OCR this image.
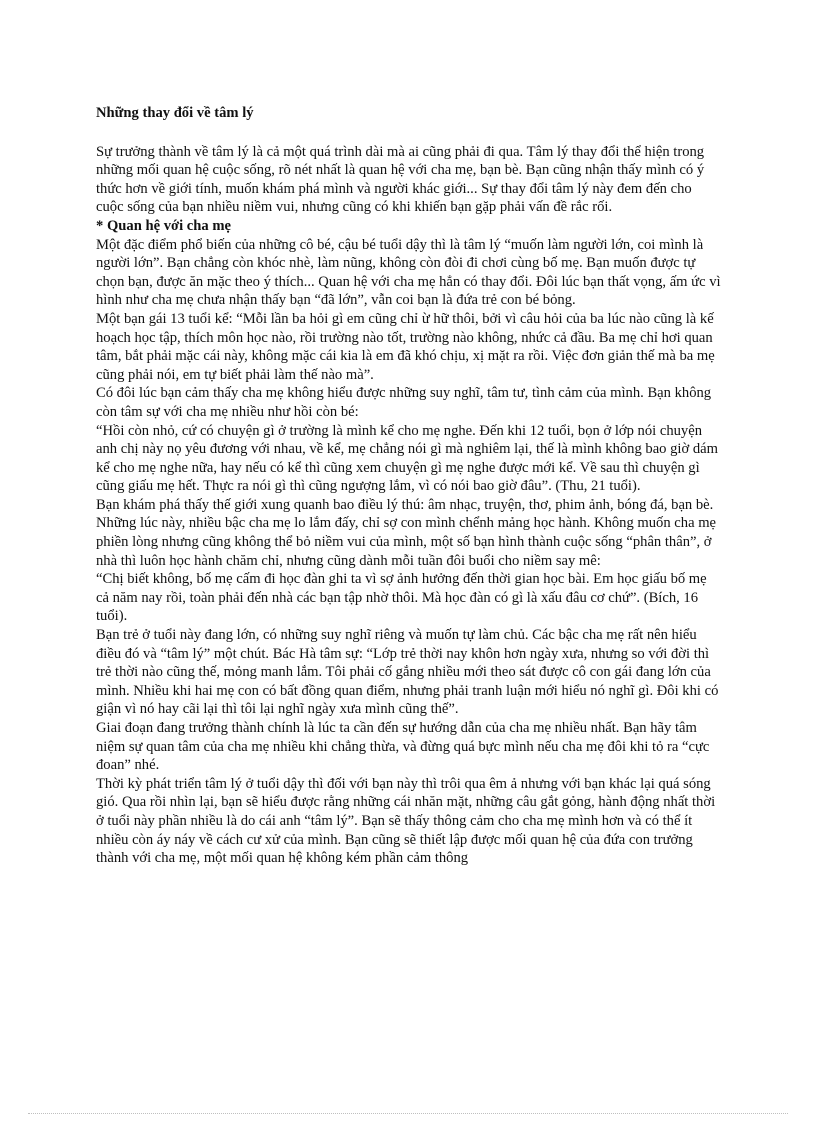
Những thay đổi về tâm lý

Sự trưởng thành về tâm lý là cả một quá trình dài mà ai cũng phải đi qua. Tâm lý thay đổi thể hiện trong những mối quan hệ cuộc sống, rõ nét nhất là quan hệ với cha mẹ, bạn bè. Bạn cũng nhận thấy mình có ý thức hơn về giới tính, muốn khám phá mình và người khác giới... Sự thay đổi tâm lý này đem đến cho cuộc sống của bạn nhiều niềm vui, nhưng cũng có khi khiến bạn gặp phải vấn đề rắc rối.

* Quan hệ với cha mẹ

Một đặc điểm phổ biến của những cô bé, cậu bé tuổi dậy thì là tâm lý “muốn làm người lớn, coi mình là người lớn”. Bạn chẳng còn khóc nhè, làm nũng, không còn đòi đi chơi cùng bố mẹ. Bạn muốn được tự chọn bạn, được ăn mặc theo ý thích... Quan hệ với cha mẹ hẳn có thay đổi. Đôi lúc bạn thất vọng, ấm ức vì hình như cha mẹ chưa nhận thấy bạn “đã lớn”, vẫn coi bạn là đứa trẻ con bé bỏng.

Một bạn gái 13 tuổi kể: “Mỗi lần ba hỏi gì em cũng chỉ ừ hữ thôi, bởi vì câu hỏi của ba lúc nào cũng là kế hoạch học tập, thích môn học nào, rồi trường nào tốt, trường nào không, nhức cả đầu. Ba mẹ chỉ hơi quan tâm, bắt phải mặc cái này, không mặc cái kia là em đã khó chịu, xị mặt ra rồi. Việc đơn giản thế mà ba mẹ cũng phải nói, em tự biết phải làm thế nào mà”.

Có đôi lúc bạn cảm thấy cha mẹ không hiểu được những suy nghĩ, tâm tư, tình cảm của mình. Bạn không còn tâm sự với cha mẹ nhiều như hồi còn bé:

“Hồi còn nhỏ, cứ có chuyện gì ở trường là mình kể cho mẹ nghe. Đến khi 12 tuổi, bọn ở lớp nói chuyện anh chị này nọ yêu đương với nhau, về kể, mẹ chẳng nói gì mà nghiêm lại, thế là mình không bao giờ dám kể cho mẹ nghe nữa, hay nếu có kể thì cũng xem chuyện gì mẹ nghe được mới kể. Về sau thì chuyện gì cũng giấu mẹ hết. Thực ra nói gì thì cũng ngượng lắm, vì có nói bao giờ đâu”. (Thu, 21 tuổi).

Bạn khám phá thấy thế giới xung quanh bao điều lý thú: âm nhạc, truyện, thơ, phim ảnh, bóng đá, bạn bè. Những lúc này, nhiều bậc cha mẹ lo lắm đấy, chỉ sợ con mình chểnh mảng học hành. Không muốn cha mẹ phiền lòng nhưng cũng không thể bỏ niềm vui của mình, một số bạn hình thành cuộc sống “phân thân”, ở nhà thì luôn học hành chăm chỉ, nhưng cũng dành mỗi tuần đôi buổi cho niềm say mê:

“Chị biết không, bố mẹ cấm đi học đàn ghi ta vì sợ ảnh hưởng đến thời gian học bài. Em học giấu bố mẹ cả năm nay rồi, toàn phải đến nhà các bạn tập nhờ thôi. Mà học đàn có gì là xấu đâu cơ chứ”. (Bích, 16 tuổi).

Bạn trẻ ở tuổi này đang lớn, có những suy nghĩ riêng và muốn tự làm chủ. Các bậc cha mẹ rất nên hiểu điều đó và “tâm lý” một chút. Bác Hà tâm sự: “Lớp trẻ thời nay khôn hơn ngày xưa, nhưng so với đời thì trẻ thời nào cũng thế, mỏng manh lắm. Tôi phải cố gắng nhiều mới theo sát được cô con gái đang lớn của mình. Nhiều khi hai mẹ con có bất đồng quan điểm, nhưng phải tranh luận mới hiểu nó nghĩ gì. Đôi khi có giận vì nó hay cãi lại thì tôi lại nghĩ ngày xưa mình cũng thế”.

Giai đoạn đang trưởng thành chính là lúc ta cần đến sự hướng dẫn của cha mẹ nhiều nhất. Bạn hãy tâm niệm sự quan tâm của cha mẹ nhiều khi chẳng thừa, và đừng quá bực mình nếu cha mẹ đôi khi tỏ ra “cực đoan” nhé.

Thời kỳ phát triển tâm lý ở tuổi dậy thì đối với bạn này thì trôi qua êm ả nhưng với bạn khác lại quá sóng gió. Qua rồi nhìn lại, bạn sẽ hiểu được rằng những cái nhăn mặt, những câu gắt gỏng, hành động nhất thời ở tuổi này phần nhiều là do cái anh “tâm lý”. Bạn sẽ thấy thông cảm cho cha mẹ mình hơn và có thể ít nhiều còn áy náy về cách cư xử của mình. Bạn cũng sẽ thiết lập được mối quan hệ của đứa con trưởng thành với cha mẹ, một mối quan hệ không kém phần cảm thông
